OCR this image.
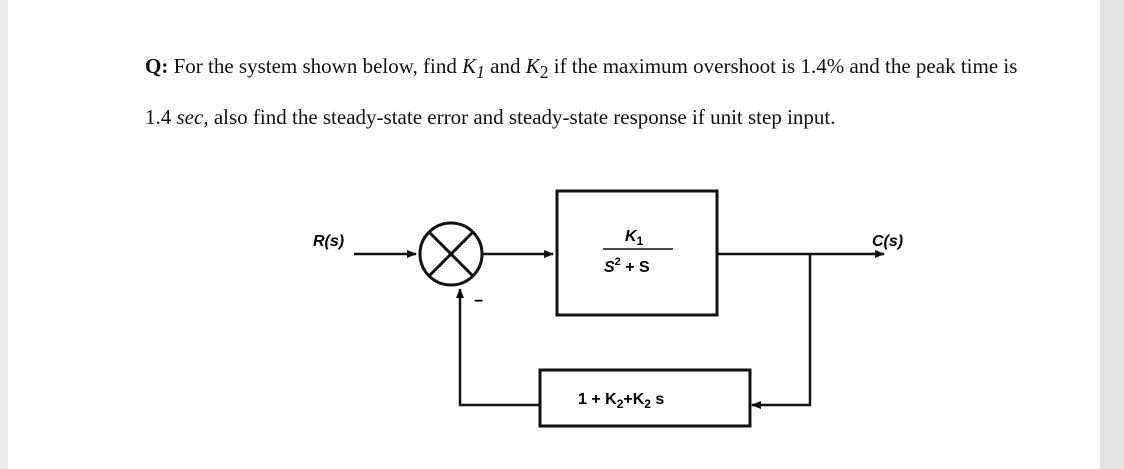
Q: For the system shown below, find $K_1$ and $K_2$ if the maximum overshoot is 1.4% and the peak time is 1.4 sec, also find the steady-state error and steady-state response if unit step input.
R(s)
−
$K_1$
$S^2 + S$
C(s)
$1 + K_2+K_2$ s
